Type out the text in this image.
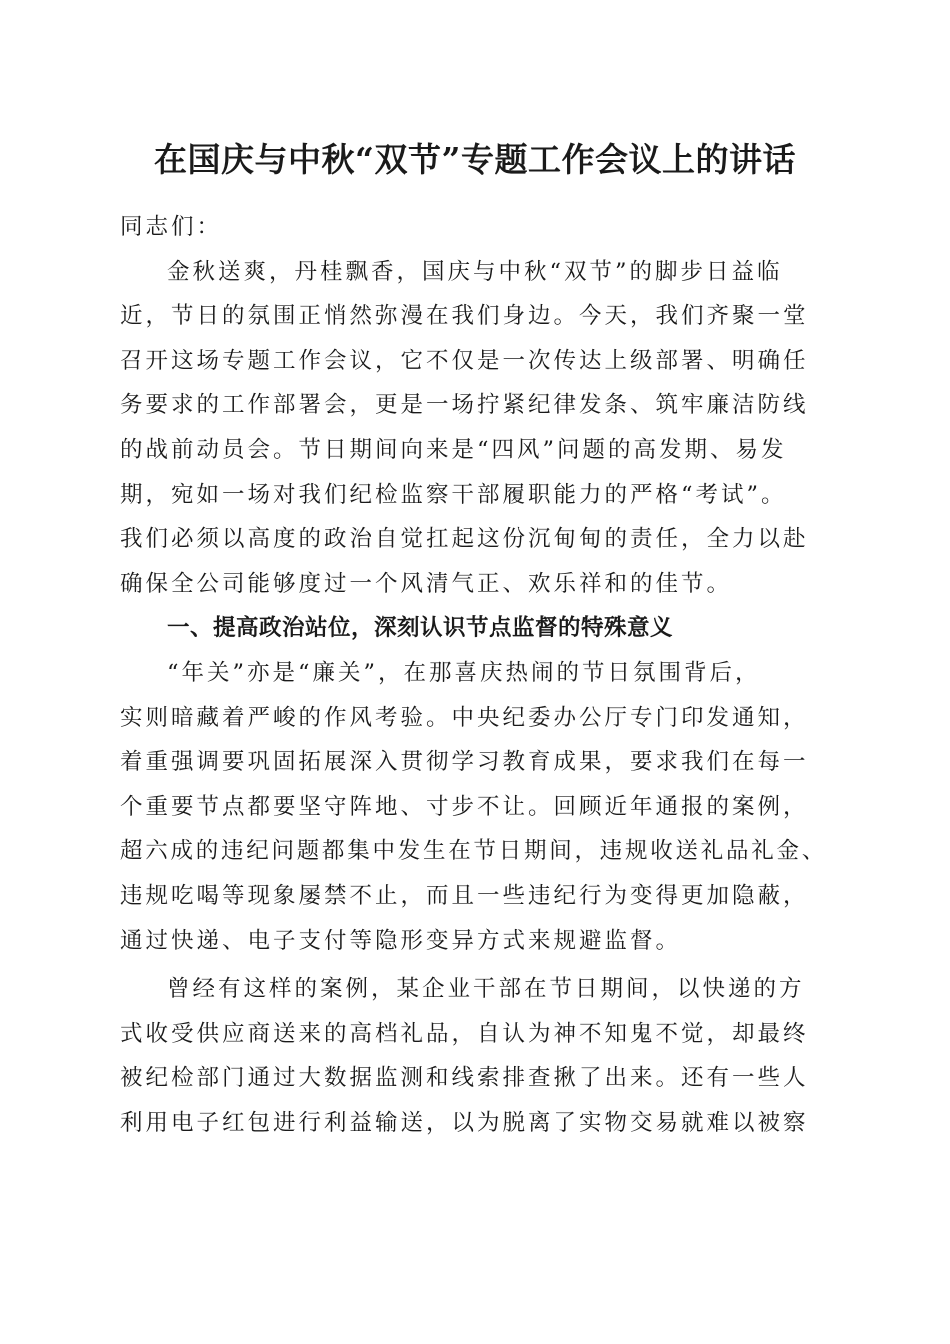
在国庆与中秋“双节”专题工作会议上的讲话
同志们：
金秋送爽，丹桂飘香，国庆与中秋“双节”的脚步日益临
近，节日的氛围正悄然弥漫在我们身边。今天，我们齐聚一堂
召开这场专题工作会议，它不仅是一次传达上级部署、明确任
务要求的工作部署会，更是一场拧紧纪律发条、筑牢廉洁防线
的战前动员会。节日期间向来是“四风”问题的高发期、易发
期，宛如一场对我们纪检监察干部履职能力的严格“考试”。
我们必须以高度的政治自觉扛起这份沉甸甸的责任，全力以赴
确保全公司能够度过一个风清气正、欢乐祥和的佳节。
一、提高政治站位，深刻认识节点监督的特殊意义
“年关”亦是“廉关”，在那喜庆热闹的节日氛围背后，
实则暗藏着严峻的作风考验。中央纪委办公厅专门印发通知，
着重强调要巩固拓展深入贯彻学习教育成果，要求我们在每一
个重要节点都要坚守阵地、寸步不让。回顾近年通报的案例，
超六成的违纪问题都集中发生在节日期间，违规收送礼品礼金、
违规吃喝等现象屡禁不止，而且一些违纪行为变得更加隐蔽，
通过快递、电子支付等隐形变异方式来规避监督。
曾经有这样的案例，某企业干部在节日期间，以快递的方
式收受供应商送来的高档礼品，自认为神不知鬼不觉，却最终
被纪检部门通过大数据监测和线索排查揪了出来。还有一些人
利用电子红包进行利益输送，以为脱离了实物交易就难以被察
